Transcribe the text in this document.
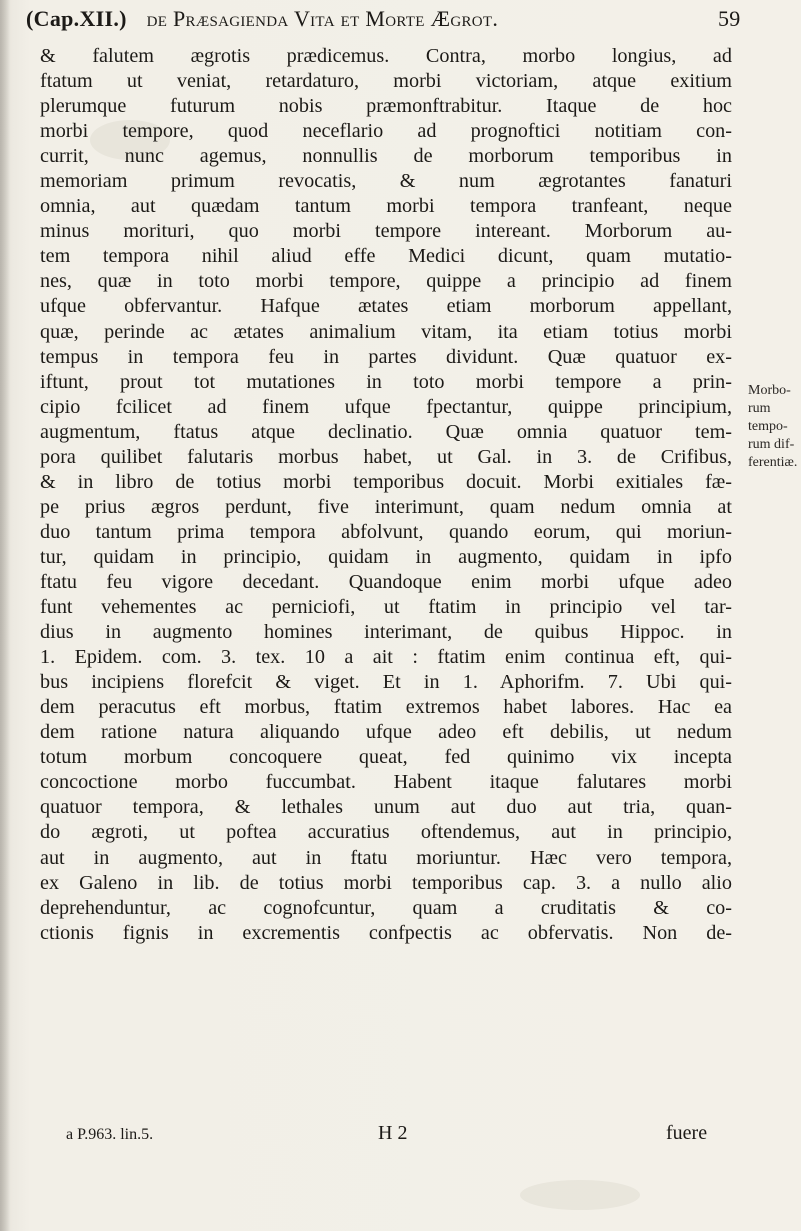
(Cap.XII.) de Præsagienda Vita et Morte Ægrot.	59
& falutem ægrotis prædicemus. Contra, morbo longius, ad
ftatum ut veniat, retardaturo, morbi victoriam, atque exitium
plerumque futurum nobis præmonftrabitur. Itaque de hoc
morbi tempore, quod neceflario ad prognoftici notitiam con-
currit, nunc agemus, nonnullis de morborum temporibus in
memoriam primum revocatis, & num ægrotantes fanaturi
omnia, aut quædam tantum morbi tempora tranfeant, neque
minus morituri, quo morbi tempore intereant. Morborum au-
tem tempora nihil aliud effe Medici dicunt, quam mutatio-
nes, quæ in toto morbi tempore, quippe a principio ad finem
ufque obfervantur. Hafque ætates etiam morborum appellant,
quæ, perinde ac ætates animalium vitam, ita etiam totius morbi
tempus in tempora feu in partes dividunt. Quæ quatuor ex-
iftunt, prout tot mutationes in toto morbi tempore a prin-
cipio fcilicet ad finem ufque fpectantur, quippe principium,
augmentum, ftatus atque declinatio. Quæ omnia quatuor tem-
pora quilibet falutaris morbus habet, ut Gal. in 3. de Crifibus,
& in libro de totius morbi temporibus docuit. Morbi exitiales fæ-
pe prius ægros perdunt, five interimunt, quam nedum omnia at
duo tantum prima tempora abfolvunt, quando eorum, qui moriun-
tur, quidam in principio, quidam in augmento, quidam in ipfo
ftatu feu vigore decedant. Quandoque enim morbi ufque adeo
funt vehementes ac perniciofi, ut ftatim in principio vel tar-
dius in augmento homines interimant, de quibus Hippoc. in
1. Epidem. com. 3. tex. 10 a ait : ftatim enim continua eft, qui-
bus incipiens florefcit & viget. Et in 1. Aphorifm. 7. Ubi qui-
dem peracutus eft morbus, ftatim extremos habet labores. Hac ea
dem ratione natura aliquando ufque adeo eft debilis, ut nedum
totum morbum concoquere queat, fed quinimo vix incepta
concoctione morbo fuccumbat. Habent itaque falutares morbi
quatuor tempora, & lethales unum aut duo aut tria, quan-
do ægroti, ut poftea accuratius oftendemus, aut in principio,
aut in augmento, aut in ftatu moriuntur. Hæc vero tempora,
ex Galeno in lib. de totius morbi temporibus cap. 3. a nullo alio
deprehenduntur, ac cognofcuntur, quam a cruditatis & co-
ctionis fignis in excrementis confpectis ac obfervatis. Non de-
Morbo-
rum
tempo-
rum dif-
ferentiæ.
a P.963. lin.5.	H 2	fuere
